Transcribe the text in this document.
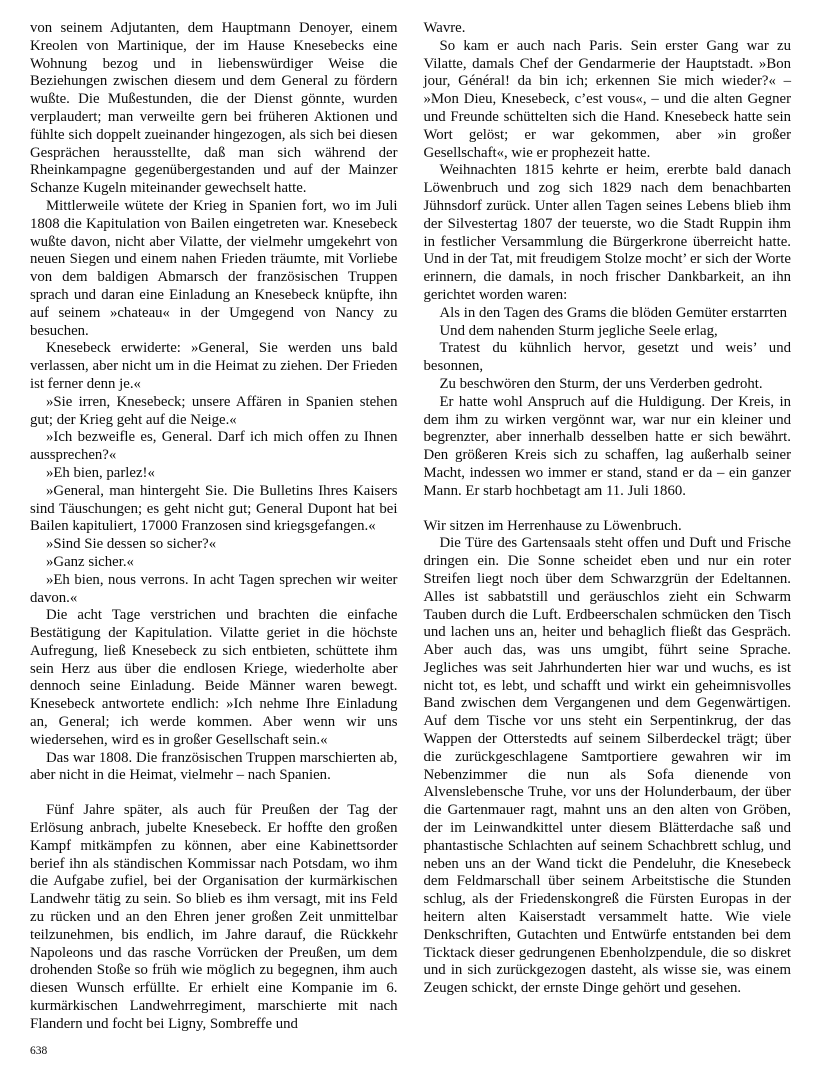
von seinem Adjutanten, dem Hauptmann Denoyer, einem Kreolen von Martinique, der im Hause Knesebecks eine Wohnung bezog und in liebenswürdiger Weise die Beziehungen zwischen diesem und dem General zu fördern wußte. Die Mußestunden, die der Dienst gönnte, wurden verplaudert; man verweilte gern bei früheren Aktionen und fühlte sich doppelt zueinander hingezogen, als sich bei diesen Gesprächen herausstellte, daß man sich während der Rheinkampagne gegenübergestanden und auf der Mainzer Schanze Kugeln miteinander gewechselt hatte.

Mittlerweile wütete der Krieg in Spanien fort, wo im Juli 1808 die Kapitulation von Bailen eingetreten war. Knesebeck wußte davon, nicht aber Vilatte, der vielmehr umgekehrt von neuen Siegen und einem nahen Frieden träumte, mit Vorliebe von dem baldigen Abmarsch der französischen Truppen sprach und daran eine Einladung an Knesebeck knüpfte, ihn auf seinem »chateau« in der Umgegend von Nancy zu besuchen.

Knesebeck erwiderte: »General, Sie werden uns bald verlassen, aber nicht um in die Heimat zu ziehen. Der Frieden ist ferner denn je.«

»Sie irren, Knesebeck; unsere Affären in Spanien stehen gut; der Krieg geht auf die Neige.«

»Ich bezweifle es, General. Darf ich mich offen zu Ihnen aussprechen?«

»Eh bien, parlez!«

»General, man hintergeht Sie. Die Bulletins Ihres Kaisers sind Täuschungen; es geht nicht gut; General Dupont hat bei Bailen kapituliert, 17000 Franzosen sind kriegsgefangen.«

»Sind Sie dessen so sicher?«

»Ganz sicher.«

»Eh bien, nous verrons. In acht Tagen sprechen wir weiter davon.«

Die acht Tage verstrichen und brachten die einfache Bestätigung der Kapitulation. Vilatte geriet in die höchste Aufregung, ließ Knesebeck zu sich entbieten, schüttete ihm sein Herz aus über die endlosen Kriege, wiederholte aber dennoch seine Einladung. Beide Männer waren bewegt. Knesebeck antwortete endlich: »Ich nehme Ihre Einladung an, General; ich werde kommen. Aber wenn wir uns wiedersehen, wird es in großer Gesellschaft sein.«

Das war 1808. Die französischen Truppen marschierten ab, aber nicht in die Heimat, vielmehr – nach Spanien.

Fünf Jahre später, als auch für Preußen der Tag der Erlösung anbrach, jubelte Knesebeck. Er hoffte den großen Kampf mitkämpfen zu können, aber eine Kabinettsorder berief ihn als ständischen Kommissar nach Potsdam, wo ihm die Aufgabe zufiel, bei der Organisation der kurmärkischen Landwehr tätig zu sein. So blieb es ihm versagt, mit ins Feld zu rücken und an den Ehren jener großen Zeit unmittelbar teilzunehmen, bis endlich, im Jahre darauf, die Rückkehr Napoleons und das rasche Vorrücken der Preußen, um dem drohenden Stoße so früh wie möglich zu begegnen, ihm auch diesen Wunsch erfüllte. Er erhielt eine Kompanie im 6. kurmärkischen Landwehrregiment, marschierte mit nach Flandern und focht bei Ligny, Sombreffe und

Wavre.

So kam er auch nach Paris. Sein erster Gang war zu Vilatte, damals Chef der Gendarmerie der Hauptstadt. »Bon jour, Général! da bin ich; erkennen Sie mich wieder?« – »Mon Dieu, Knesebeck, c’est vous«, – und die alten Gegner und Freunde schüttelten sich die Hand. Knesebeck hatte sein Wort gelöst; er war gekommen, aber »in großer Gesellschaft«, wie er prophezeit hatte.

Weihnachten 1815 kehrte er heim, ererbte bald danach Löwenbruch und zog sich 1829 nach dem benachbarten Jühnsdorf zurück. Unter allen Tagen seines Lebens blieb ihm der Silvestertag 1807 der teuerste, wo die Stadt Ruppin ihm in festlicher Versammlung die Bürgerkrone überreicht hatte. Und in der Tat, mit freudigem Stolze mocht’ er sich der Worte erinnern, die damals, in noch frischer Dankbarkeit, an ihn gerichtet worden waren:

Als in den Tagen des Grams die blöden Gemüter erstarrten

Und dem nahenden Sturm jegliche Seele erlag,

Tratest du kühnlich hervor, gesetzt und weis’ und besonnen,

Zu beschwören den Sturm, der uns Verderben gedroht.

Er hatte wohl Anspruch auf die Huldigung. Der Kreis, in dem ihm zu wirken vergönnt war, war nur ein kleiner und begrenzter, aber innerhalb desselben hatte er sich bewährt. Den größeren Kreis sich zu schaffen, lag außerhalb seiner Macht, indessen wo immer er stand, stand er da – ein ganzer Mann. Er starb hochbetagt am 11. Juli 1860.

Wir sitzen im Herrenhause zu Löwenbruch.

Die Türe des Gartensaals steht offen und Duft und Frische dringen ein. Die Sonne scheidet eben und nur ein roter Streifen liegt noch über dem Schwarzgrün der Edeltannen. Alles ist sabbatstill und geräuschlos zieht ein Schwarm Tauben durch die Luft. Erdbeerschalen schmücken den Tisch und lachen uns an, heiter und behaglich fließt das Gespräch. Aber auch das, was uns umgibt, führt seine Sprache. Jegliches was seit Jahrhunderten hier war und wuchs, es ist nicht tot, es lebt, und schafft und wirkt ein geheimnisvolles Band zwischen dem Vergangenen und dem Gegenwärtigen. Auf dem Tische vor uns steht ein Serpentinkrug, der das Wappen der Otterstedts auf seinem Silberdeckel trägt; über die zurückgeschlagene Samtportiere gewahren wir im Nebenzimmer die nun als Sofa dienende von Alvenslebensche Truhe, vor uns der Holunderbaum, der über die Gartenmauer ragt, mahnt uns an den alten von Gröben, der im Leinwandkittel unter diesem Blätterdache saß und phantastische Schlachten auf seinem Schachbrett schlug, und neben uns an der Wand tickt die Pendeluhr, die Knesebeck dem Feldmarschall über seinem Arbeitstische die Stunden schlug, als der Friedenskongreß die Fürsten Europas in der heitern alten Kaiserstadt versammelt hatte. Wie viele Denkschriften, Gutachten und Entwürfe entstanden bei dem Ticktack dieser gedrungenen Ebenholzpendule, die so diskret und in sich zurückgezogen dasteht, als wisse sie, was einem Zeugen schickt, der ernste Dinge gehört und gesehen.

638
